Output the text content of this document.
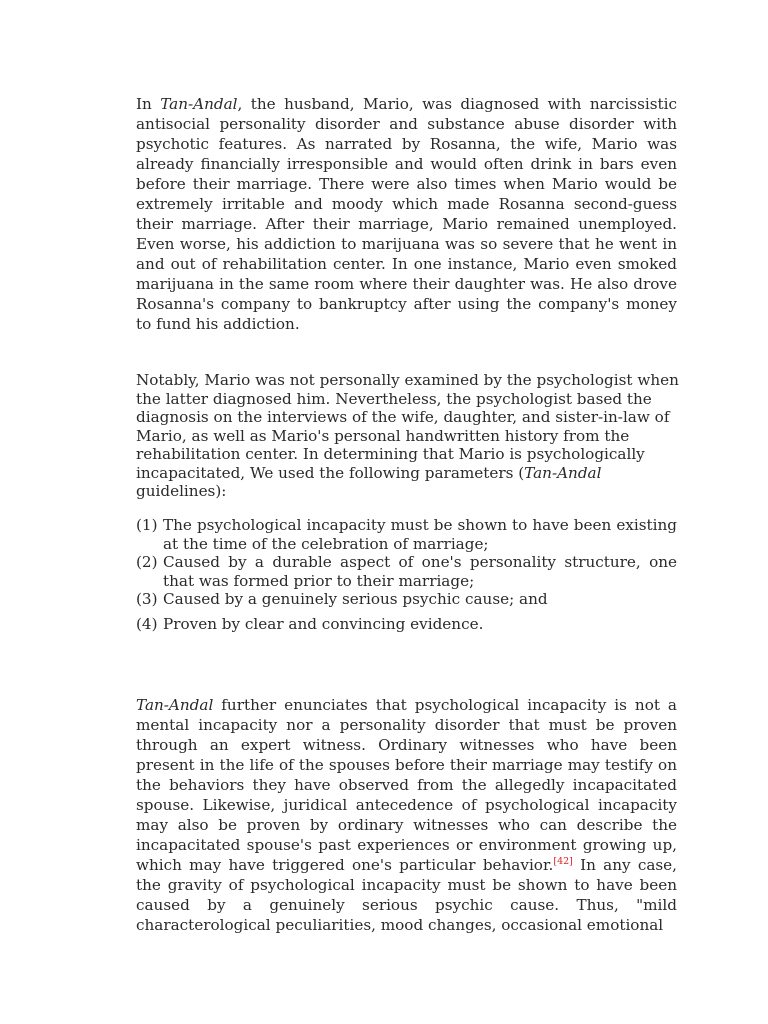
In Tan-Andal, the husband, Mario, was diagnosed with narcissistic antisocial personality disorder and substance abuse disorder with psychotic features. As narrated by Rosanna, the wife, Mario was already financially irresponsible and would often drink in bars even before their marriage. There were also times when Mario would be extremely irritable and moody which made Rosanna second-guess their marriage. After their marriage, Mario remained unemployed. Even worse, his addiction to marijuana was so severe that he went in and out of rehabilitation center. In one instance, Mario even smoked marijuana in the same room where their daughter was. He also drove Rosanna's company to bankruptcy after using the company's money to fund his addiction.

Notably, Mario was not personally examined by the psychologist when the latter diagnosed him. Nevertheless, the psychologist based the diagnosis on the interviews of the wife, daughter, and sister-in-law of Mario, as well as Mario's personal handwritten history from the rehabilitation center. In determining that Mario is psychologically incapacitated, We used the following parameters (Tan-Andal guidelines):

(1) The psychological incapacity must be shown to have been existing at the time of the celebration of marriage;
(2) Caused by a durable aspect of one's personality structure, one that was formed prior to their marriage;
(3) Caused by a genuinely serious psychic cause; and
(4) Proven by clear and convincing evidence.

Tan-Andal further enunciates that psychological incapacity is not a mental incapacity nor a personality disorder that must be proven through an expert witness. Ordinary witnesses who have been present in the life of the spouses before their marriage may testify on the behaviors they have observed from the allegedly incapacitated spouse. Likewise, juridical antecedence of psychological incapacity may also be proven by ordinary witnesses who can describe the incapacitated spouse's past experiences or environment growing up, which may have triggered one's particular behavior.[42] In any case, the gravity of psychological incapacity must be shown to have been caused by a genuinely serious psychic cause. Thus, "mild characterological peculiarities, mood changes, occasional emotional
